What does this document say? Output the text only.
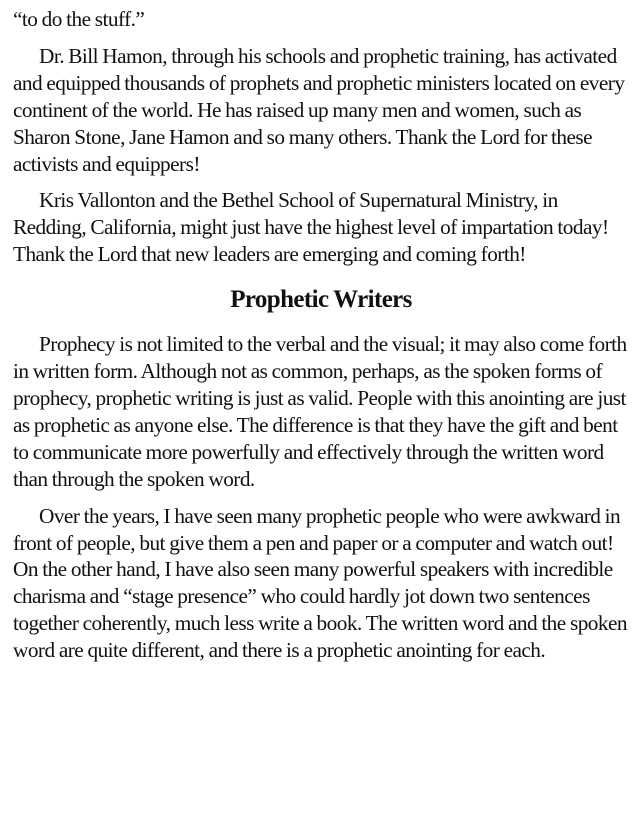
“to do the stuff.”

Dr. Bill Hamon, through his schools and prophetic training, has activated and equipped thousands of prophets and prophetic ministers located on every continent of the world. He has raised up many men and women, such as Sharon Stone, Jane Hamon and so many others. Thank the Lord for these activists and equippers!

Kris Vallonton and the Bethel School of Supernatural Ministry, in Redding, California, might just have the highest level of impartation today! Thank the Lord that new leaders are emerging and coming forth!

Prophetic Writers

Prophecy is not limited to the verbal and the visual; it may also come forth in written form. Although not as common, perhaps, as the spoken forms of prophecy, prophetic writing is just as valid. People with this anointing are just as prophetic as anyone else. The difference is that they have the gift and bent to communicate more powerfully and effectively through the written word than through the spoken word.

Over the years, I have seen many prophetic people who were awkward in front of people, but give them a pen and paper or a computer and watch out! On the other hand, I have also seen many powerful speakers with incredible charisma and “stage presence” who could hardly jot down two sentences together coherently, much less write a book. The written word and the spoken word are quite different, and there is a prophetic anointing for each.
